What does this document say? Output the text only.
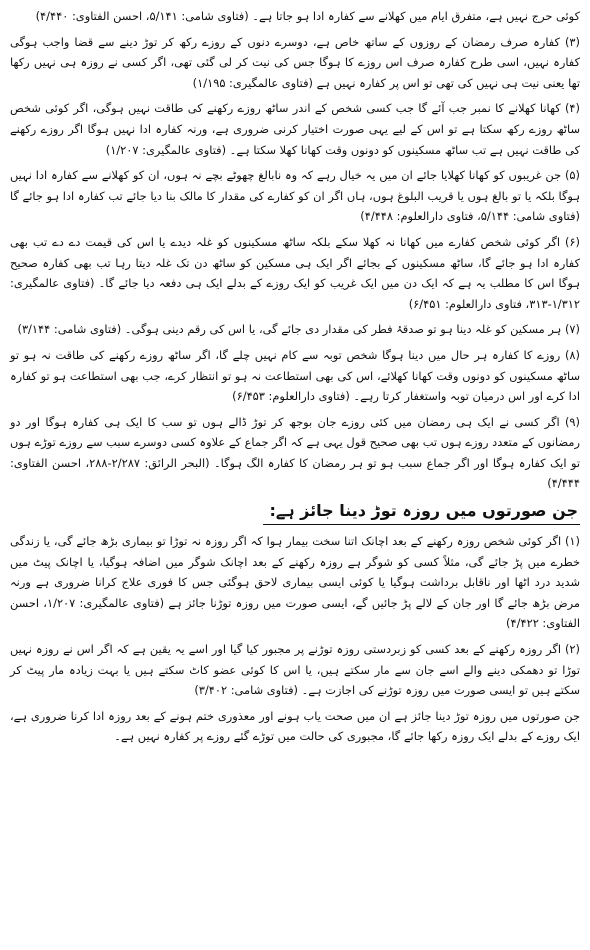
کوئی حرج نہیں ہے، متفرق ایام میں کھلانے سے کفارہ ادا ہو جاتا ہے۔ (فتاوی شامی: ۵/۱۴۱، احسن الفتاوی: ۴/۴۴۰)

(۳) کفارہ صرف رمضان کے روزوں کے ساتھ خاص ہے، دوسرے دنوں کے روزے رکھ کر توڑ دینے سے قضا واجب ہوگی کفارہ نہیں، اسی طرح کفارہ صرف اس روزے کا ہوگا جس کی نیت کر لی گئی تھی، اگر کسی نے روزہ ہی نہیں رکھا تھا یعنی نیت ہی نہیں کی تھی تو اس پر کفارہ نہیں ہے (فتاوی عالمگیری: ۱/۱۹۵)

(۴) کھانا کھلانے کا نمبر جب آئے گا جب کسی شخص کے اندر ساٹھ روزے رکھنے کی طاقت نہیں ہوگی، اگر کوئی شخص ساٹھ روزے رکھ سکتا ہے تو اس کے لیے یہی صورت اختیار کرنی ضروری ہے، ورنہ کفارہ ادا نہیں ہوگا اگر روزے رکھنے کی طاقت نہیں ہے تب ساٹھ مسکینوں کو دونوں وقت کھانا کھلا سکتا ہے۔ (فتاوی عالمگیری: ۱/۲۰۷)

(۵) جن غریبوں کو کھانا کھلایا جائے ان میں یہ خیال رہے کہ وہ نابالغ چھوٹے بچے نہ ہوں، ان کو کھلانے سے کفارہ ادا نہیں ہوگا بلکہ یا تو بالغ ہوں یا قریب البلوغ ہوں، ہاں اگر ان کو کفارے کی مقدار کا مالک بنا دیا جائے تب کفارہ ادا ہو جائے گا (فتاوی شامی: ۵/۱۴۴، فتاوی دارالعلوم: ۴/۴۴۸)

(۶) اگر کوئی شخص کفارے میں کھانا نہ کھلا سکے بلکہ ساٹھ مسکینوں کو غلہ دیدے یا اس کی قیمت دے دے تب بھی کفارہ ادا ہو جائے گا، ساٹھ مسکینوں کے بجائے اگر ایک ہی مسکین کو ساٹھ دن تک غلہ دیتا رہا تب بھی کفارہ صحیح ہوگا اس کا مطلب یہ ہے کہ ایک دن میں ایک غریب کو ایک روزے کے بدلے ایک ہی دفعہ دیا جائے گا۔ (فتاوی عالمگیری: ۱/۳۱۲-۳۱۳، فتاوی دارالعلوم: ۶/۴۵۱)

(۷) ہر مسکین کو غلہ دینا ہو تو صدقۂ فطر کی مقدار دی جائے گی، یا اس کی رقم دینی ہوگی۔ (فتاوی شامی: ۳/۱۴۴)

(۸) روزے کا کفارہ ہر حال میں دینا ہوگا شخص توبہ سے کام نہیں چلے گا، اگر ساٹھ روزے رکھنے کی طاقت نہ ہو تو ساٹھ مسکینوں کو دونوں وقت کھانا کھلائے، اس کی بھی استطاعت نہ ہو تو انتظار کرے، جب بھی استطاعت ہو تو کفارہ ادا کرے اور اس درمیان توبہ واستغفار کرتا رہے۔ (فتاوی دارالعلوم: ۶/۴۵۳)

(۹) اگر کسی نے ایک ہی رمضان میں کئی روزے جان بوجھ کر توڑ ڈالے ہوں تو سب کا ایک ہی کفارہ ہوگا اور دو رمضانوں کے متعدد روزے ہوں تب بھی صحیح قول یہی ہے کہ اگر جماع کے علاوہ کسی دوسرے سبب سے روزے توڑے ہوں تو ایک کفارہ ہوگا اور اگر جماع سبب ہو تو ہر رمضان کا کفارہ الگ ہوگا۔ (البحر الرائق: ۲/۲۸۷-۲۸۸، احسن الفتاوی: ۴/۴۴۴)

جن صورتوں میں روزہ توڑ دینا جائز ہے:

(۱) اگر کوئی شخص روزہ رکھنے کے بعد اچانک اتنا سخت بیمار ہوا کہ اگر روزہ نہ توڑا تو بیماری بڑھ جائے گی، یا زندگی خطرے میں پڑ جائے گی، مثلاً کسی کو شوگر ہے روزہ رکھنے کے بعد اچانک شوگر میں اضافہ ہوگیا، یا اچانک پیٹ میں شدید درد اٹھا اور ناقابل برداشت ہوگیا یا کوئی ایسی بیماری لاحق ہوگئی جس کا فوری علاج کرانا ضروری ہے ورنہ مرض بڑھ جائے گا اور جان کے لالے پڑ جائیں گے، ایسی صورت میں روزہ توڑنا جائز ہے (فتاوی عالمگیری: ۱/۲۰۷، احسن الفتاوی: ۴/۴۲۲)

(۲) اگر روزہ رکھنے کے بعد کسی کو زبردستی روزہ توڑنے پر مجبور کیا گیا اور اسے یہ یقین ہے کہ اگر اس نے روزہ نہیں توڑا تو دھمکی دینے والے اسے جان سے مار سکتے ہیں، یا اس کا کوئی عضو کاٹ سکتے ہیں یا بہت زیادہ مار پیٹ کر سکتے ہیں تو ایسی صورت میں روزہ توڑنے کی اجازت ہے۔ (فتاوی شامی: ۳/۴۰۲)

جن صورتوں میں روزہ توڑ دینا جائز ہے ان میں صحت یاب ہونے اور معذوری ختم ہونے کے بعد روزہ ادا کرنا ضروری ہے، ایک روزے کے بدلے ایک روزہ رکھا جائے گا، مجبوری کی حالت میں توڑے گئے روزے پر کفارہ نہیں ہے۔
